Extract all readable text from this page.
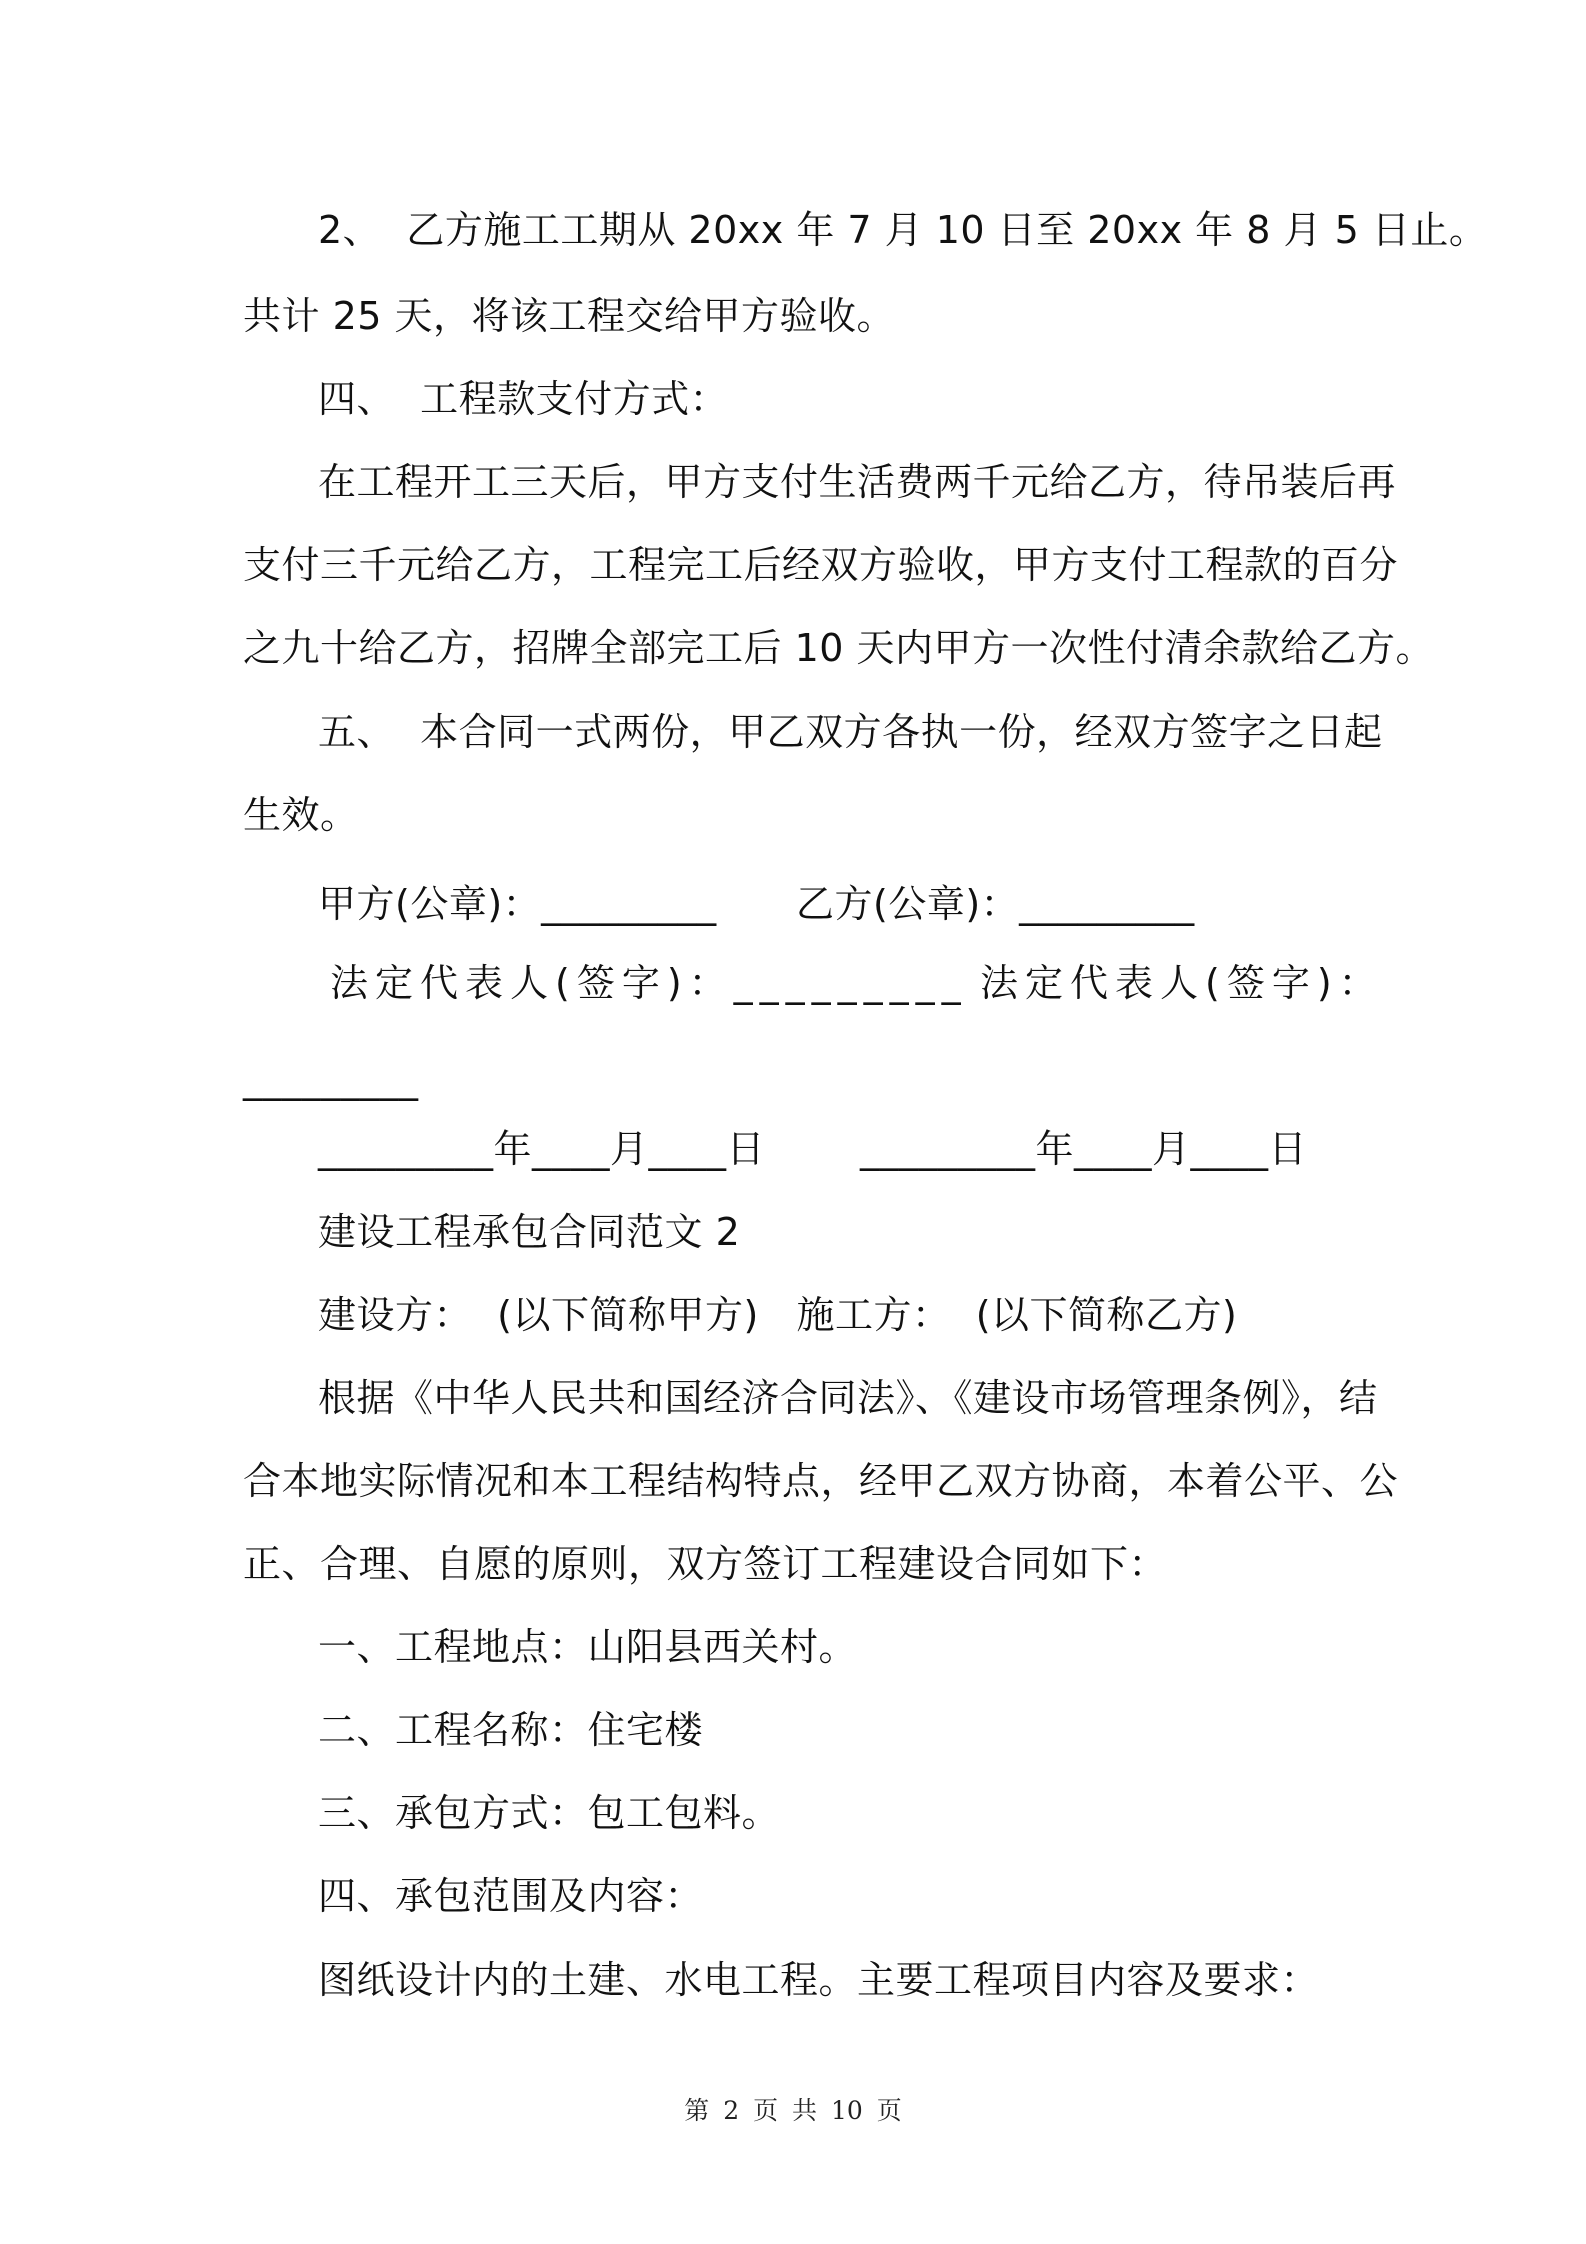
2、  乙方施工工期从 20xx 年 7 月 10 日至 20xx 年 8 月 5 日止。
共计 25 天，将该工程交给甲方验收。
四、  工程款支付方式：
在工程开工三天后，甲方支付生活费两千元给乙方，待吊装后再
支付三千元给乙方，工程完工后经双方验收，甲方支付工程款的百分
之九十给乙方，招牌全部完工后 10 天内甲方一次性付清余款给乙方。
五、  本合同一式两份，甲乙双方各执一份，经双方签字之日起
生效。
甲方(公章)：_________ 乙方(公章)：_________
法定代表人(签字)：_________ 法定代表人(签字)：
_________
_________年____月____日 _________年____月____日
建设工程承包合同范文 2
建设方：  (以下简称甲方)   施工方：  (以下简称乙方)
根据《中华人民共和国经济合同法》、《建设市场管理条例》，结
合本地实际情况和本工程结构特点，经甲乙双方协商，本着公平、公
正、合理、自愿的原则，双方签订工程建设合同如下：
一、工程地点：山阳县西关村。
二、工程名称：住宅楼
三、承包方式：包工包料。
四、承包范围及内容：
图纸设计内的土建、水电工程。主要工程项目内容及要求：
第 2 页 共 10 页
